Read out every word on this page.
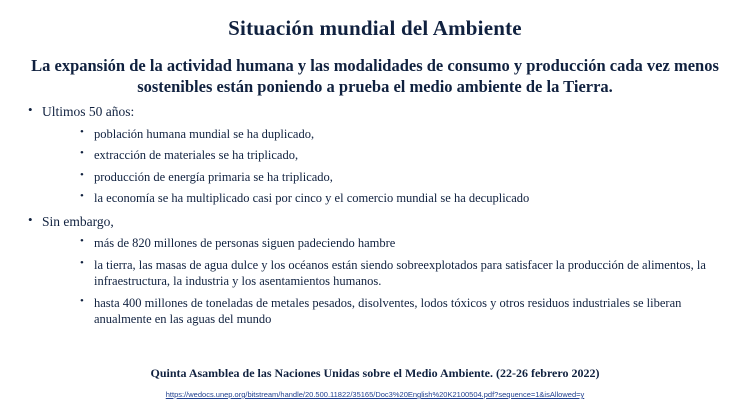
Situación mundial del Ambiente

La expansión de la actividad humana y las modalidades de consumo y producción cada vez menos sostenibles están poniendo a prueba el medio ambiente de la Tierra.

• Ultimos 50 años:
• población humana mundial se ha duplicado,
• extracción de materiales se ha triplicado,
• producción de energía primaria se ha triplicado,
• la economía se ha multiplicado casi por cinco y el comercio mundial se ha decuplicado
• Sin embargo,
• más de 820 millones de personas siguen padeciendo hambre
• la tierra, las masas de agua dulce y los océanos están siendo sobreexplotados para satisfacer la producción de alimentos, la infraestructura, la industria y los asentamientos humanos.
• hasta 400 millones de toneladas de metales pesados, disolventes, lodos tóxicos y otros residuos industriales se liberan anualmente en las aguas del mundo
Quinta Asamblea de las Naciones Unidas sobre el Medio Ambiente. (22-26 febrero 2022)
https://wedocs.unep.org/bitstream/handle/20.500.11822/35165/Doc3%20English%20K2100504.pdf?sequence=1&isAllowed=y
